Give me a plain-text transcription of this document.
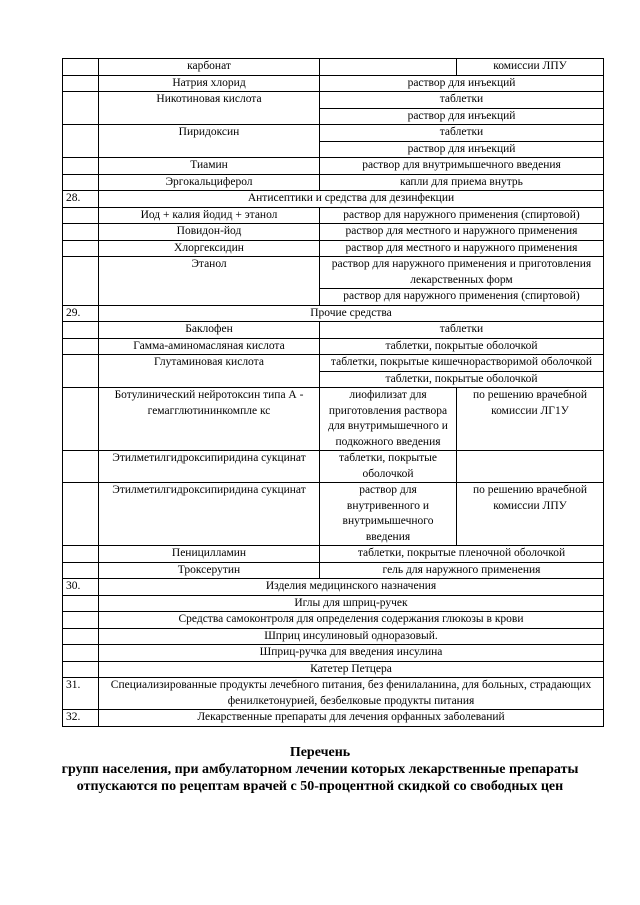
	карбонат		комиссии ЛПУ
	Натрия хлорид	раствор для инъекций	
	Никотиновая кислота	таблетки	
		раствор для инъекций	
	Пиридоксин	таблетки	
		раствор для инъекций	
	Тиамин	раствор для внутримышечного введения	
	Эргокальциферол	капли для приема внутрь	
28.	Антисептики и средства для дезинфекции		
	Иод + калия йодид + этанол	раствор для наружного применения (спиртовой)	
	Повидон-йод	раствор для местного и наружного применения	
	Хлоргексидин	раствор для местного и наружного применения	
	Этанол	раствор для наружного применения и приготовления лекарственных форм	
		раствор для наружного применения (спиртовой)	
29.	Прочие средства		
	Баклофен	таблетки	
	Гамма-аминомасляная кислота	таблетки, покрытые оболочкой	
	Глутаминовая кислота	таблетки, покрытые кишечнорастворимой оболочкой	
		таблетки, покрытые оболочкой	
	Ботулинический нейротоксин типа А - гемагглютининкомпле кс	лиофилизат для приготовления раствора для внутримышечного и подкожного введения	по решению врачебной комиссии ЛГ1У
	Этилметилгидроксипиридина сукцинат	таблетки, покрытые оболочкой	
	Этилметилгидроксипиридина сукцинат	раствор для внутривенного и внутримышечного введения	по решению врачебной комиссии ЛПУ
	Пеницилламин	таблетки, покрытые пленочной оболочкой	
	Троксерутин	гель для наружного применения	
30.	Изделия медицинского назначения		
	Иглы для шприц-ручек		
	Средства самоконтроля для определения содержания глюкозы в крови		
	Шприц инсулиновый одноразовый.		
	Шприц-ручка для введения инсулина		
	Катетер Петцера		
31.	Специализированные продукты лечебного питания, без фенилаланина, для больных, страдающих фенилкетонурией, безбелковые продукты питания		
32.	Лекарственные препараты для лечения орфанных заболеваний		
Перечень
групп населения, при амбулаторном лечении которых лекарственные препараты отпускаются по рецептам врачей с 50-процентной скидкой со свободных цен
